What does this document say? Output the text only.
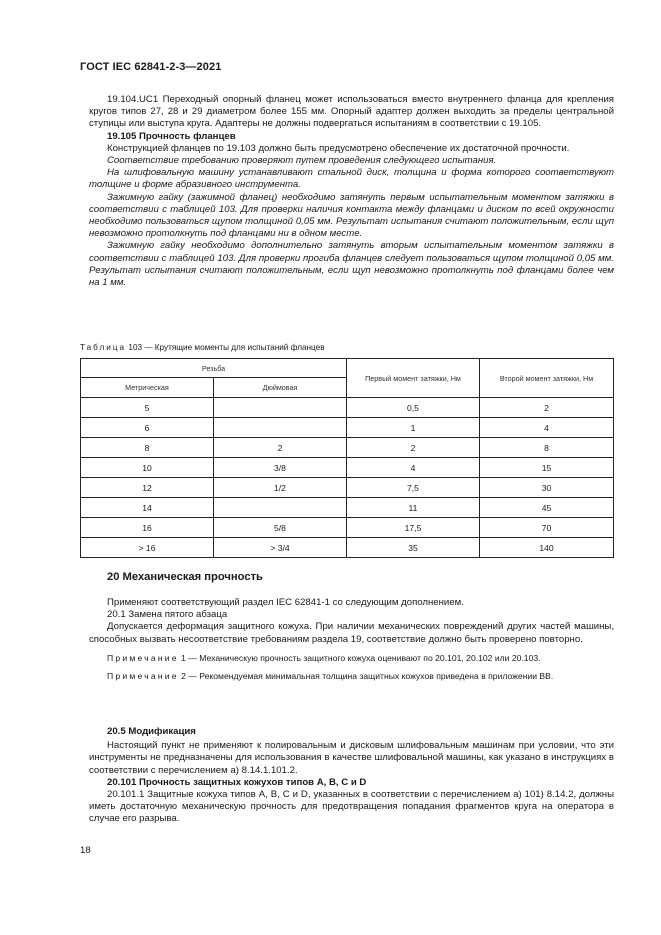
ГОСТ IEC 62841-2-3—2021

19.104.UC1 Переходный опорный фланец может использоваться вместо внутреннего фланца для крепления кругов типов 27, 28 и 29 диаметром более 155 мм. Опорный адаптер должен выходить за пределы центральной ступицы или выступа круга. Адаптеры не должны подвергаться испытаниям в соответствии с 19.105.

19.105 Прочность фланцев

Конструкцией фланцев по 19.103 должно быть предусмотрено обеспечение их достаточной прочности.

Соответствие требованию проверяют путем проведения следующего испытания.

На шлифовальную машину устанавливают стальной диск, толщина и форма которого соответствуют толщине и форме абразивного инструмента.

Зажимную гайку (зажимной фланец) необходимо затянуть первым испытательным моментом затяжки в соответствии с таблицей 103. Для проверки наличия контакта между фланцами и диском по всей окружности необходимо пользоваться щупом толщиной 0,05 мм. Результат испытания считают положительным, если щуп невозможно протолкнуть под фланцами ни в одном месте.

Зажимную гайку необходимо дополнительно затянуть вторым испытательным моментом затяжки в соответствии с таблицей 103. Для проверки прогиба фланцев следует пользоваться щупом толщиной 0,05 мм. Результат испытания считают положительным, если щуп невозможно протолкнуть под фланцами более чем на 1 мм.

Таблица 103 — Крутящие моменты для испытаний фланцев
Резьба		Первый момент затяжки, Нм	Второй момент затяжки, Нм
Метрическая	Дюймовая		
5		0,5	2
6		1	4
8	2	2	8
10	3/8	4	15
12	1/2	7,5	30
14		11	45
16	5/8	17,5	70
> 16	> 3/4	35	140
20 Механическая прочность

Применяют соответствующий раздел IEC 62841-1 со следующим дополнением.

20.1 Замена пятого абзаца

Допускается деформация защитного кожуха. При наличии механических повреждений других частей машины, способных вызвать несоответствие требованиям раздела 19, соответствие должно быть проверено повторно.

Примечание 1 — Механическую прочность защитного кожуха оценивают по 20.101, 20.102 или 20.103.
Примечание 2 — Рекомендуемая минимальная толщина защитных кожухов приведена в приложении BB.

20.5 Модификация

Настоящий пункт не применяют к полировальным и дисковым шлифовальным машинам при условии, что эти инструменты не предназначены для использования в качестве шлифовальной машины, как указано в инструкциях в соответствии с перечислением а) 8.14.1.101.2.

20.101 Прочность защитных кожухов типов A, B, C и D

20.101.1 Защитные кожуха типов A, B, C и D, указанных в соответствии с перечислением а) 101) 8.14.2, должны иметь достаточную механическую прочность для предотвращения попадания фрагментов круга на оператора в случае его разрыва.

18
